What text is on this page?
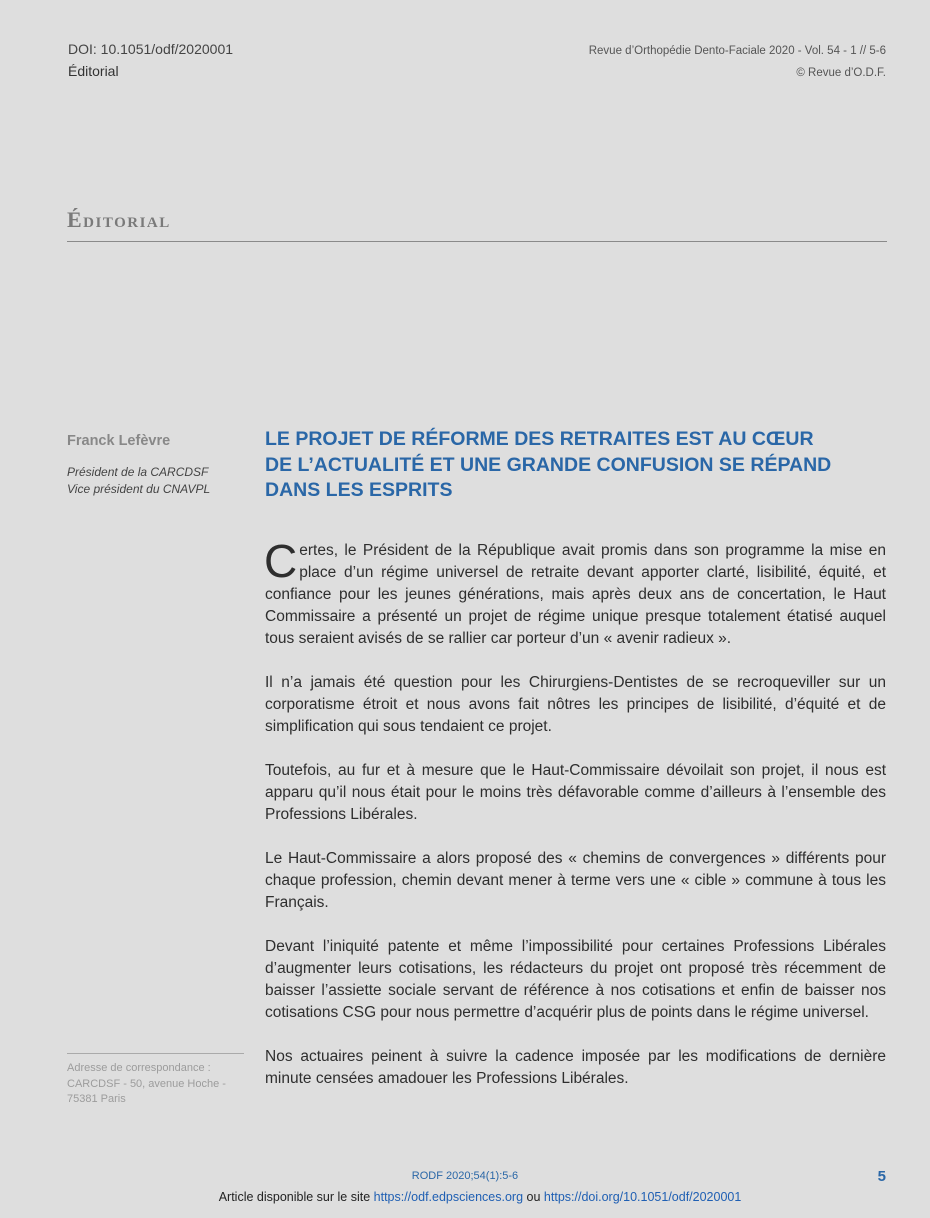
DOI: 10.1051/odf/2020001
Éditorial
Revue d’Orthopédie Dento-Faciale 2020 - Vol. 54 - 1 // 5-6
© Revue d’O.D.F.
Éditorial
Franck Lefèvre
Président de la CARCDSF
Vice président du CNAVPL
LE PROJET DE RÉFORME DES RETRAITES EST AU CŒUR
DE L’ACTUALITÉ ET UNE GRANDE CONFUSION SE RÉPAND
DANS LES ESPRITS

Certes, le Président de la République avait promis dans son programme la mise en place d’un régime universel de retraite devant apporter clarté, lisibilité, équité, et confiance pour les jeunes générations, mais après deux ans de concertation, le Haut Commissaire a présenté un projet de régime unique presque totalement étatisé auquel tous seraient avisés de se rallier car porteur d’un « avenir radieux ».

Il n’a jamais été question pour les Chirurgiens-Dentistes de se recroqueviller sur un corporatisme étroit et nous avons fait nôtres les principes de lisibilité, d’équité et de simplification qui sous tendaient ce projet.

Toutefois, au fur et à mesure que le Haut-Commissaire dévoilait son projet, il nous est apparu qu’il nous était pour le moins très défavorable comme d’ailleurs à l’ensemble des Professions Libérales.

Le Haut-Commissaire a alors proposé des « chemins de convergences » différents pour chaque profession, chemin devant mener à terme vers une « cible » commune à tous les Français.

Devant l’iniquité patente et même l’impossibilité pour certaines Professions Libérales d’augmenter leurs cotisations, les rédacteurs du projet ont proposé très récemment de baisser l’assiette sociale servant de référence à nos cotisations et enfin de baisser nos cotisations CSG pour nous permettre d’acquérir plus de points dans le régime universel.

Nos actuaires peinent à suivre la cadence imposée par les modifications de dernière minute censées amadouer les Professions Libérales.

Adresse de correspondance :
CARCDSF - 50, avenue Hoche -
75381 Paris
RODF 2020;54(1):5-6	5
Article disponible sur le site https://odf.edpsciences.org ou https://doi.org/10.1051/odf/2020001
